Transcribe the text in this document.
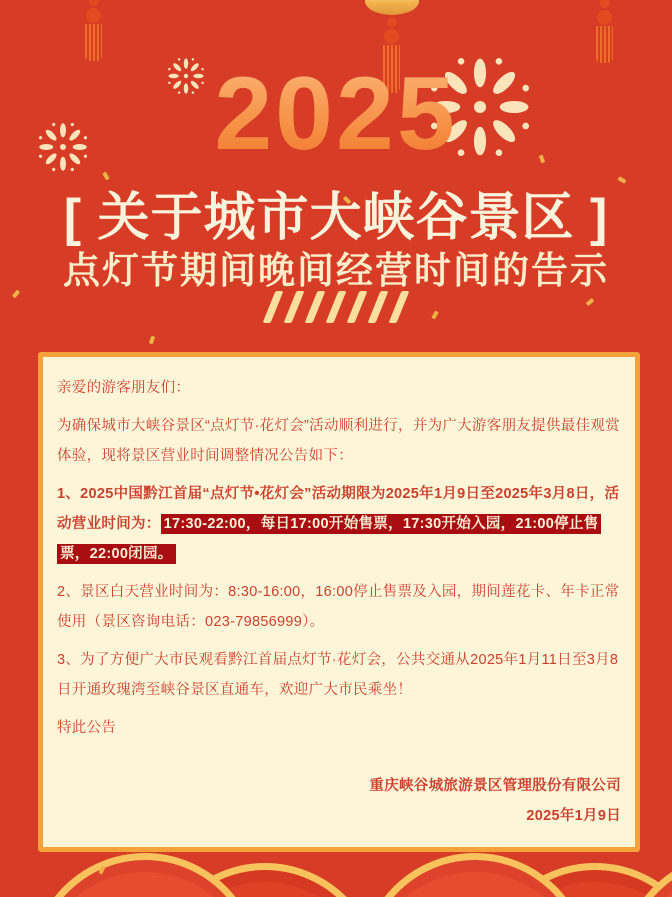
2025
[ 关于城市大峡谷景区 ]
点灯节期间晚间经营时间的告示

亲爱的游客朋友们：

为确保城市大峡谷景区“点灯节·花灯会”活动顺利进行，并为广大游客朋友提供最佳观赏体验，现将景区营业时间调整情况公告如下：

1、2025中国黔江首届“点灯节•花灯会”活动期限为2025年1月9日至2025年3月8日，活动营业时间为： 17:30-22:00，每日17:00开始售票，17:30开始入园，21:00停止售票，22:00闭园。

2、景区白天营业时间为：8:30-16:00，16:00停止售票及入园，期间莲花卡、年卡正常使用（景区咨询电话：023-79856999）。

3、为了方便广大市民观看黔江首届点灯节·花灯会，公共交通从2025年1月11日至3月8日开通玫瑰湾至峡谷景区直通车，欢迎广大市民乘坐！

特此公告

重庆峡谷城旅游景区管理股份有限公司

2025年1月9日
